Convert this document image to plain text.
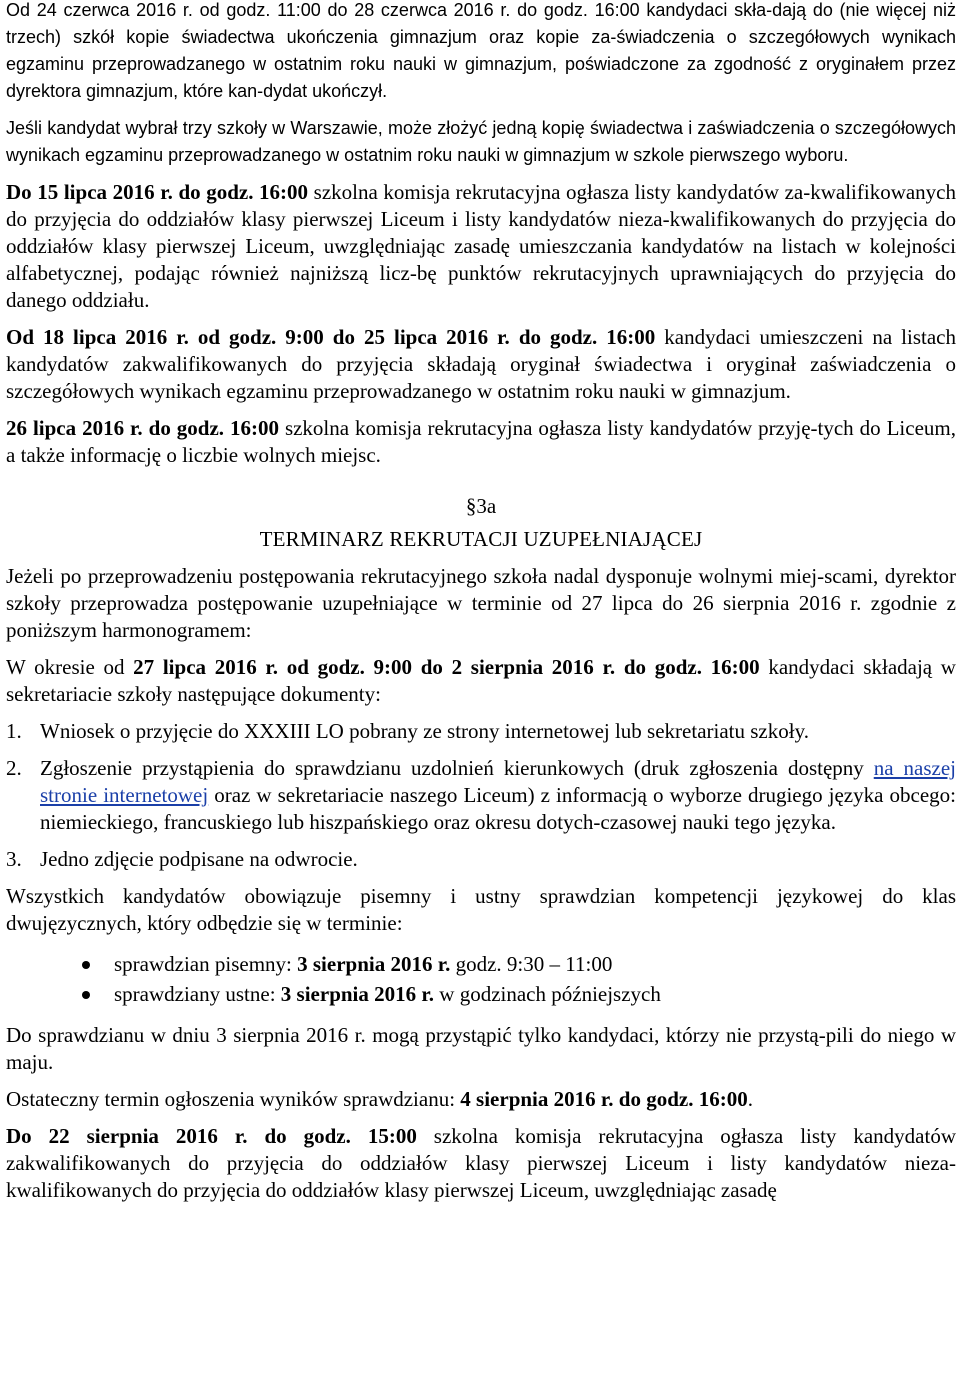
Od 24 czerwca 2016 r. od godz. 11:00 do 28 czerwca 2016 r. do godz. 16:00 kandydaci skła-dają do (nie więcej niż trzech) szkół kopie świadectwa ukończenia gimnazjum oraz kopie za-świadczenia o szczegółowych wynikach egzaminu przeprowadzanego w ostatnim roku nauki w gimnazjum, poświadczone za zgodność z oryginałem przez dyrektora gimnazjum, które kan-dydat ukończył.

Jeśli kandydat wybrał trzy szkoły w Warszawie, może złożyć jedną kopię świadectwa i zaświadczenia o szczegółowych wynikach egzaminu przeprowadzanego w ostatnim roku nauki w gimnazjum w szkole pierwszego wyboru.

Do 15 lipca 2016 r. do godz. 16:00 szkolna komisja rekrutacyjna ogłasza listy kandydatów za-kwalifikowanych do przyjęcia do oddziałów klasy pierwszej Liceum i listy kandydatów nieza-kwalifikowanych do przyjęcia do oddziałów klasy pierwszej Liceum, uwzględniając zasadę umieszczania kandydatów na listach w kolejności alfabetycznej, podając również najniższą licz-bę punktów rekrutacyjnych uprawniających do przyjęcia do danego oddziału.

Od 18 lipca 2016 r. od godz. 9:00 do 25 lipca 2016 r. do godz. 16:00 kandydaci umieszczeni na listach kandydatów zakwalifikowanych do przyjęcia składają oryginał świadectwa i oryginał zaświadczenia o szczegółowych wynikach egzaminu przeprowadzanego w ostatnim roku nauki w gimnazjum.

26 lipca 2016 r. do godz. 16:00 szkolna komisja rekrutacyjna ogłasza listy kandydatów przyję-tych do Liceum, a także informację o liczbie wolnych miejsc.

§3a
TERMINARZ REKRUTACJI UZUPEŁNIAJĄCEJ

Jeżeli po przeprowadzeniu postępowania rekrutacyjnego szkoła nadal dysponuje wolnymi miej-scami, dyrektor szkoły przeprowadza postępowanie uzupełniające w terminie od 27 lipca do 26 sierpnia 2016 r. zgodnie z poniższym harmonogramem:

W okresie od 27 lipca 2016 r. od godz. 9:00 do 2 sierpnia 2016 r. do godz. 16:00 kandydaci składają w sekretariacie szkoły następujące dokumenty:

1. Wniosek o przyjęcie do XXXIII LO pobrany ze strony internetowej lub sekretariatu szkoły.
2. Zgłoszenie przystąpienia do sprawdzianu uzdolnień kierunkowych (druk zgłoszenia dostępny na naszej stronie internetowej oraz w sekretariacie naszego Liceum) z informacją o wyborze drugiego języka obcego: niemieckiego, francuskiego lub hiszpańskiego oraz okresu dotych-czasowej nauki tego języka.
3. Jedno zdjęcie podpisane na odwrocie.

Wszystkich kandydatów obowiązuje pisemny i ustny sprawdzian kompetencji językowej do klas dwujęzycznych, który odbędzie się w terminie:

sprawdzian pisemny: 3 sierpnia 2016 r. godz. 9:30 – 11:00
sprawdziany ustne: 3 sierpnia 2016 r. w godzinach późniejszych

Do sprawdzianu w dniu 3 sierpnia 2016 r. mogą przystąpić tylko kandydaci, którzy nie przystą-pili do niego w maju.

Ostateczny termin ogłoszenia wyników sprawdzianu: 4 sierpnia 2016 r. do godz. 16:00.

Do 22 sierpnia 2016 r. do godz. 15:00 szkolna komisja rekrutacyjna ogłasza listy kandydatów zakwalifikowanych do przyjęcia do oddziałów klasy pierwszej Liceum i listy kandydatów nieza-kwalifikowanych do przyjęcia do oddziałów klasy pierwszej Liceum, uwzględniając zasadę
